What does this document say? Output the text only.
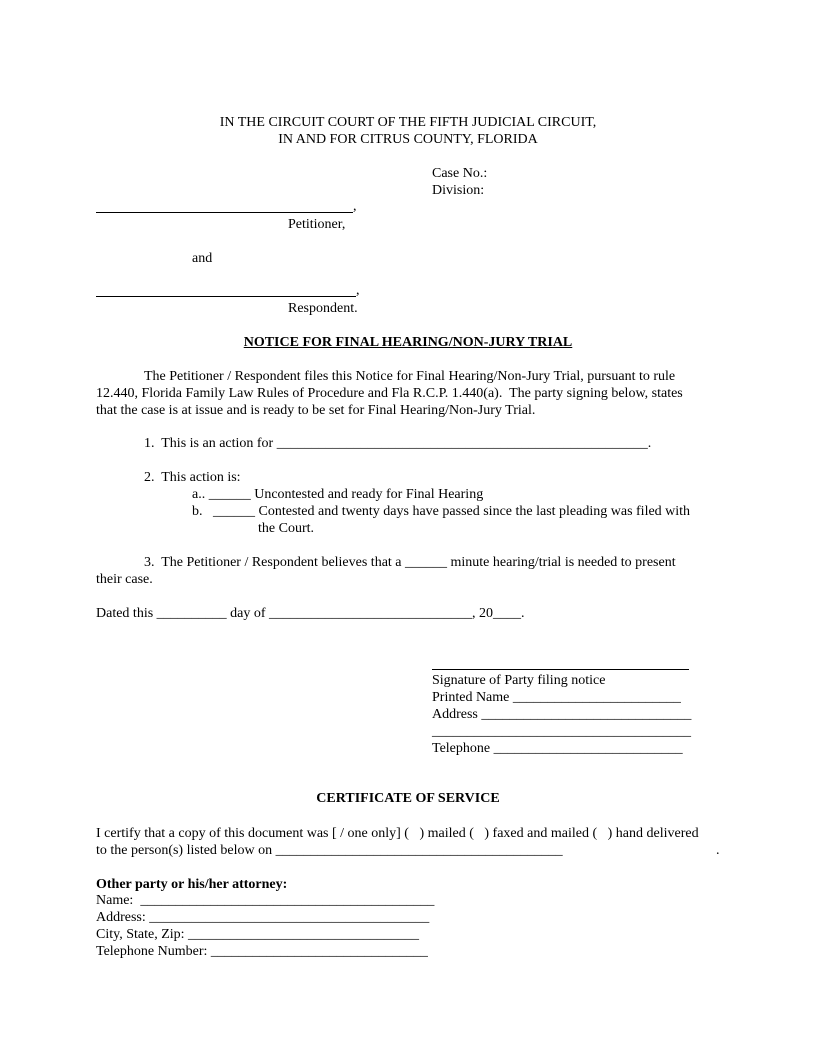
IN THE CIRCUIT COURT OF THE FIFTH JUDICIAL CIRCUIT,
IN AND FOR CITRUS COUNTY, FLORIDA
Case No.:
Division:
,
Petitioner,
and
,
Respondent.
NOTICE FOR FINAL HEARING/NON-JURY TRIAL
The Petitioner / Respondent files this Notice for Final Hearing/Non-Jury Trial, pursuant to rule
12.440, Florida Family Law Rules of Procedure and Fla R.C.P. 1.440(a).  The party signing below, states
that the case is at issue and is ready to be set for Final Hearing/Non-Jury Trial.
1.  This is an action for _____________________________________________________.
2.  This action is:
a.. ______ Uncontested and ready for Final Hearing
b.   ______ Contested and twenty days have passed since the last pleading was filed with
the Court.
3.  The Petitioner / Respondent believes that a ______ minute hearing/trial is needed to present
their case.
Dated this __________ day of _____________________________, 20____.
Signature of Party filing notice
Printed Name ________________________
Address ______________________________
_____________________________________
Telephone ___________________________
CERTIFICATE OF SERVICE
I certify that a copy of this document was [ / one only] (   ) mailed (   ) faxed and mailed (   ) hand delivered
to the person(s) listed below on _________________________________________	.
Other party or his/her attorney:
Name:  __________________________________________
Address: ________________________________________
City, State, Zip: _________________________________
Telephone Number: _______________________________
